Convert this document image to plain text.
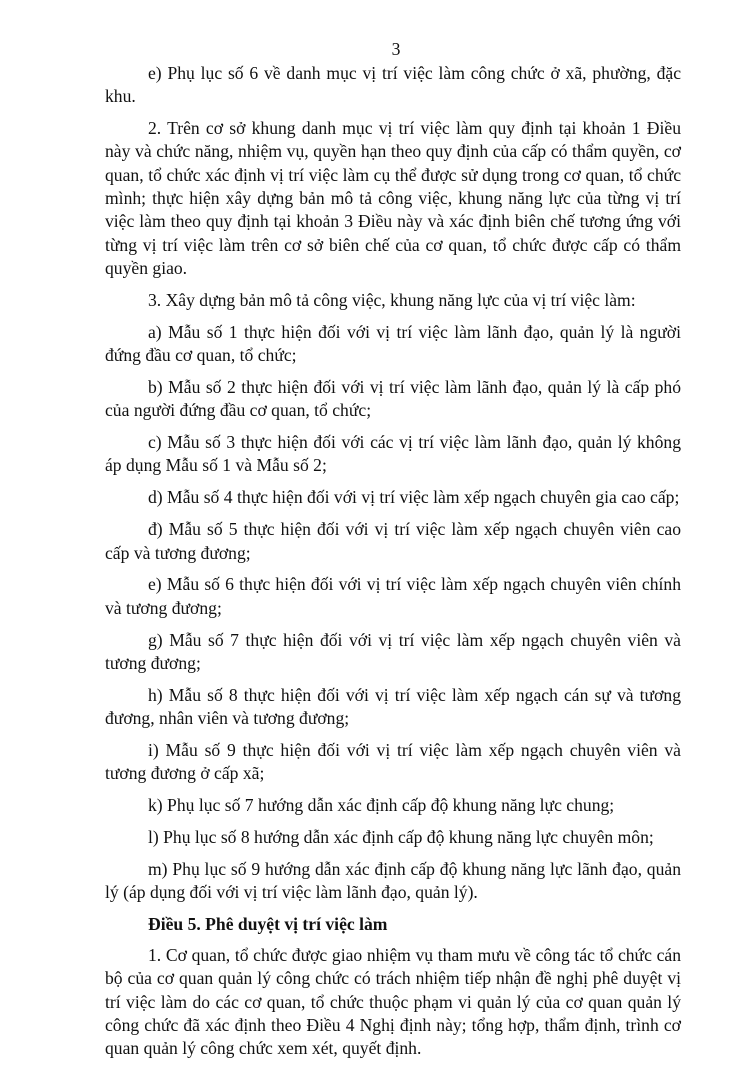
3

e) Phụ lục số 6 về danh mục vị trí việc làm công chức ở xã, phường, đặc khu.

2. Trên cơ sở khung danh mục vị trí việc làm quy định tại khoản 1 Điều này và chức năng, nhiệm vụ, quyền hạn theo quy định của cấp có thẩm quyền, cơ quan, tổ chức xác định vị trí việc làm cụ thể được sử dụng trong cơ quan, tổ chức mình; thực hiện xây dựng bản mô tả công việc, khung năng lực của từng vị trí việc làm theo quy định tại khoản 3 Điều này và xác định biên chế tương ứng với từng vị trí việc làm trên cơ sở biên chế của cơ quan, tổ chức được cấp có thẩm quyền giao.

3. Xây dựng bản mô tả công việc, khung năng lực của vị trí việc làm:

a) Mẫu số 1 thực hiện đối với vị trí việc làm lãnh đạo, quản lý là người đứng đầu cơ quan, tổ chức;

b) Mẫu số 2 thực hiện đối với vị trí việc làm lãnh đạo, quản lý là cấp phó của người đứng đầu cơ quan, tổ chức;

c) Mẫu số 3 thực hiện đối với các vị trí việc làm lãnh đạo, quản lý không áp dụng Mẫu số 1 và Mẫu số 2;

d) Mẫu số 4 thực hiện đối với vị trí việc làm xếp ngạch chuyên gia cao cấp;

đ) Mẫu số 5 thực hiện đối với vị trí việc làm xếp ngạch chuyên viên cao cấp và tương đương;

e) Mẫu số 6 thực hiện đối với vị trí việc làm xếp ngạch chuyên viên chính và tương đương;

g) Mẫu số 7 thực hiện đối với vị trí việc làm xếp ngạch chuyên viên và tương đương;

h) Mẫu số 8 thực hiện đối với vị trí việc làm xếp ngạch cán sự và tương đương, nhân viên và tương đương;

i) Mẫu số 9 thực hiện đối với vị trí việc làm xếp ngạch chuyên viên và tương đương ở cấp xã;

k) Phụ lục số 7 hướng dẫn xác định cấp độ khung năng lực chung;

l) Phụ lục số 8 hướng dẫn xác định cấp độ khung năng lực chuyên môn;

m) Phụ lục số 9 hướng dẫn xác định cấp độ khung năng lực lãnh đạo, quản lý (áp dụng đối với vị trí việc làm lãnh đạo, quản lý).

Điều 5. Phê duyệt vị trí việc làm

1. Cơ quan, tổ chức được giao nhiệm vụ tham mưu về công tác tổ chức cán bộ của cơ quan quản lý công chức có trách nhiệm tiếp nhận đề nghị phê duyệt vị trí việc làm do các cơ quan, tổ chức thuộc phạm vi quản lý của cơ quan quản lý công chức đã xác định theo Điều 4 Nghị định này; tổng hợp, thẩm định, trình cơ quan quản lý công chức xem xét, quyết định.
